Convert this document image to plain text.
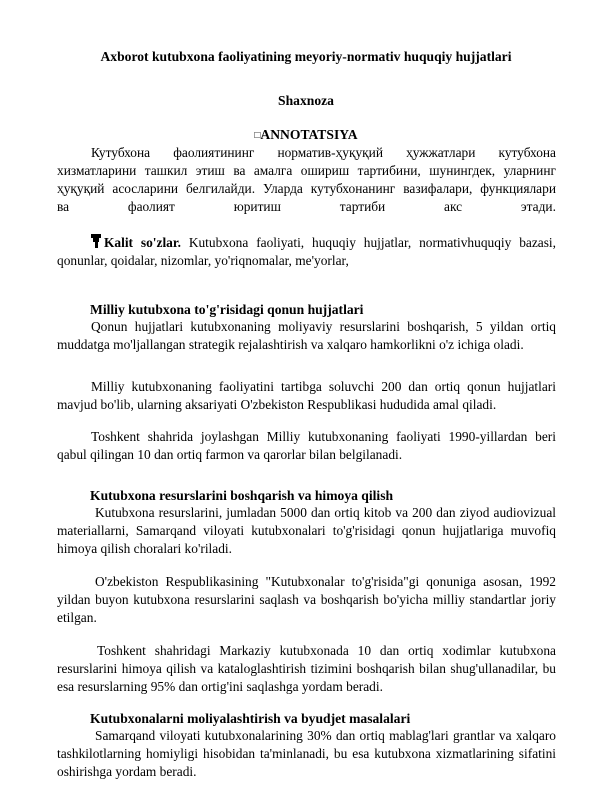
Axborot kutubxona faoliyatining meyoriy-normativ huquqiy hujjatlari
Shaxnoza
□ANNOTATSIYA
Кутубхона фаолиятининг норматив-ҳуқуқий ҳужжатлари кутубхона хизматларини ташкил этиш ва амалга ошириш тартибини, шунингдек, уларнинг ҳуқуқий асосларини белгилайди. Уларда кутубхонанинг вазифалари, функциялари
ва	фаолият	юритиш	тартиби	акс	этади.
Kalit so'zlar. Kutubxona faoliyati, huquqiy hujjatlar, normativhuquqiy bazasi, qonunlar, qoidalar, nizomlar, yo'riqnomalar, me'yorlar,
Milliy kutubxona to'g'risidagi qonun hujjatlari
Qonun hujjatlari kutubxonaning moliyaviy resurslarini boshqarish, 5 yildan ortiq muddatga mo'ljallangan strategik rejalashtirish va xalqaro hamkorlikni o'z ichiga oladi.
Milliy kutubxonaning faoliyatini tartibga soluvchi 200 dan ortiq qonun hujjatlari mavjud bo'lib, ularning aksariyati O'zbekiston Respublikasi hududida amal qiladi.
Toshkent shahrida joylashgan Milliy kutubxonaning faoliyati 1990-yillardan beri qabul qilingan 10 dan ortiq farmon va qarorlar bilan belgilanadi.
Kutubxona resurslarini boshqarish va himoya qilish
Kutubxona resurslarini, jumladan 5000 dan ortiq kitob va 200 dan ziyod audiovizual materiallarni, Samarqand viloyati kutubxonalari to'g'risidagi qonun hujjatlariga muvofiq himoya qilish choralari ko'riladi.
O'zbekiston Respublikasining "Kutubxonalar to'g'risida"gi qonuniga asosan, 1992 yildan buyon kutubxona resurslarini saqlash va boshqarish bo'yicha milliy standartlar joriy etilgan.
Toshkent shahridagi Markaziy kutubxonada 10 dan ortiq xodimlar kutubxona resurslarini himoya qilish va kataloglashtirish tizimini boshqarish bilan shug'ullanadilar, bu esa resurslarning 95% dan ortig'ini saqlashga yordam beradi.
Kutubxonalarni moliyalashtirish va byudjet masalalari
Samarqand viloyati kutubxonalarining 30% dan ortiq mablag'lari grantlar va xalqaro tashkilotlarning homiyligi hisobidan ta'minlanadi, bu esa kutubxona xizmatlarining sifatini oshirishga yordam beradi.
